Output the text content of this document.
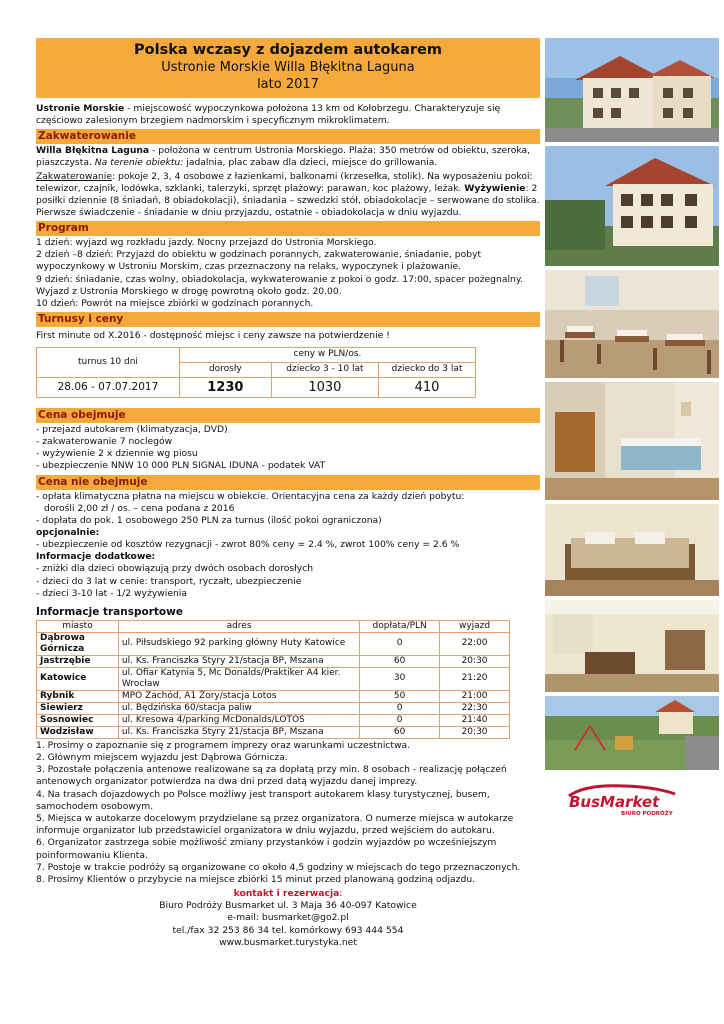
Polska wczasy z dojazdem autokarem
Ustronie Morskie Willa Błękitna Laguna
lato 2017
Ustronie Morskie - miejscowość wypoczynkowa położona 13 km od Kołobrzegu. Charakteryzuje się częściowo zalesionym brzegiem nadmorskim i specyficznym mikroklimatem.
Zakwaterowanie
Willa Błękitna Laguna - położona w centrum Ustronia Morskiego. Plaża: 350 metrów od obiektu, szeroka, piaszczysta. Na terenie obiektu: jadalnia, plac zabaw dla dzieci, miejsce do grillowania.
Zakwaterowanie: pokoje 2, 3, 4 osobowe z łazienkami, balkonami (krzesełka, stolik). Na wyposażeniu pokoi: telewizor, czajnik, lodówka, szklanki, talerzyki, sprzęt plażowy: parawan, koc plażowy, leżak. Wyżywienie: 2 posiłki dziennie (8 śniadań, 8 obiadokolacji), śniadania – szwedzki stół, obiadokolacje – serwowane do stolika. Pierwsze świadczenie - śniadanie w dniu przyjazdu, ostatnie - obiadokolacja w dniu wyjazdu.
Program
1 dzień: wyjazd wg rozkładu jazdy. Nocny przejazd do Ustronia Morskiego.
2 dzień –8 dzień: Przyjazd do obiektu w godzinach porannych, zakwaterowanie, śniadanie, pobyt wypoczynkowy w Ustroniu Morskim, czas przeznaczony na relaks, wypoczynek i plażowanie.
9 dzień: śniadanie, czas wolny, obiadokolacja, wykwaterowanie z pokoi o godz. 17:00, spacer pożegnalny. Wyjazd z Ustronia Morskiego w drogę powrotną około godz. 20.00.
10 dzień: Powrót na miejsce zbiórki w godzinach porannych.
Turnusy i ceny
First minute od X.2016 - dostępność miejsc i ceny zawsze na potwierdzenie !
turnus 10 dni	ceny w PLN/os.		
	dorosły	dziecko 3 - 10 lat	dziecko do 3 lat
28.06 - 07.07.2017	1230	1030	410
Cena obejmuje
- przejazd autokarem (klimatyzacja, DVD)
- zakwaterowanie 7 noclegów
- wyżywienie 2 x dziennie wg piosu
- ubezpieczenie NNW 10 000 PLN SIGNAL IDUNA - podatek VAT
Cena nie obejmuje
- opłata klimatyczna płatna na miejscu w obiekcie. Orientacyjna cena za każdy dzień pobytu:
dorośli 2,00 zł / os. – cena podana z 2016
- dopłata do pok. 1 osobowego 250 PLN za turnus (ilość pokoi ograniczona)
opcjonalnie:
- ubezpieczenie od kosztów rezygnacji - zwrot 80% ceny = 2.4 %, zwrot 100% ceny = 2.6 %
Informacje dodatkowe:
- zniżki dla dzieci obowiązują przy dwóch osobach dorosłych
- dzieci do 3 lat w cenie: transport, ryczałt, ubezpieczenie
- dzieci 3-10 lat - 1/2 wyżywienia
Informacje transportowe
miasto	adres	dopłata/PLN	wyjazd
Dąbrowa Górnicza	ul. Piłsudskiego 92 parking główny Huty Katowice	0	22:00
Jastrzębie	ul. Ks. Franciszka Styry 21/stacja BP, Mszana	60	20:30
Katowice	ul. Ofiar Katynia 5, Mc Donalds/Praktiker A4 kier. Wrocław	30	21:20
Rybnik	MPO Zachód, A1 Żory/stacja Lotos	50	21:00
Siewierz	ul. Będzińska 60/stacja paliw	0	22:30
Sosnowiec	ul. Kresowa 4/parking McDonalds/LOTOS	0	21:40
Wodzisław	ul. Ks. Franciszka Styry 21/stacja BP, Mszana	60	20:30
1. Prosimy o zapoznanie się z programem imprezy oraz warunkami uczestnictwa.
2. Głównym miejscem wyjazdu jest Dąbrowa Górnicza.
3. Pozostałe połączenia antenowe realizowane są za dopłatą przy min. 8 osobach - realizację połączeń antenowych organizator potwierdza na dwa dni przed datą wyjazdu danej imprezy.
4. Na trasach dojazdowych po Polsce możliwy jest transport autokarem klasy turystycznej, busem, samochodem osobowym.
5. Miejsca w autokarze docelowym przydzielane są przez organizatora. O numerze miejsca w autokarze informuje organizator lub przedstawiciel organizatora w dniu wyjazdu, przed wejściem do autokaru.
6. Organizator zastrzega sobie możliwość zmiany przystanków i godzin wyjazdów po wcześniejszym poinformowaniu Klienta.
7. Postoje w trakcie podróży są organizowane co około 4,5 godziny w miejscach do tego przeznaczonych.
8. Prosimy Klientów o przybycie na miejsce zbiórki 15 minut przed planowaną godziną odjazdu.
kontakt i rezerwacja:
Biuro Podróży Busmarket ul. 3 Maja 36 40-097 Katowice
e-mail: busmarket@go2.pl
tel./fax 32 253 86 34 tel. komórkowy 693 444 554
www.busmarket.turystyka.net
BusMarket
BIURO PODRÓŻY
